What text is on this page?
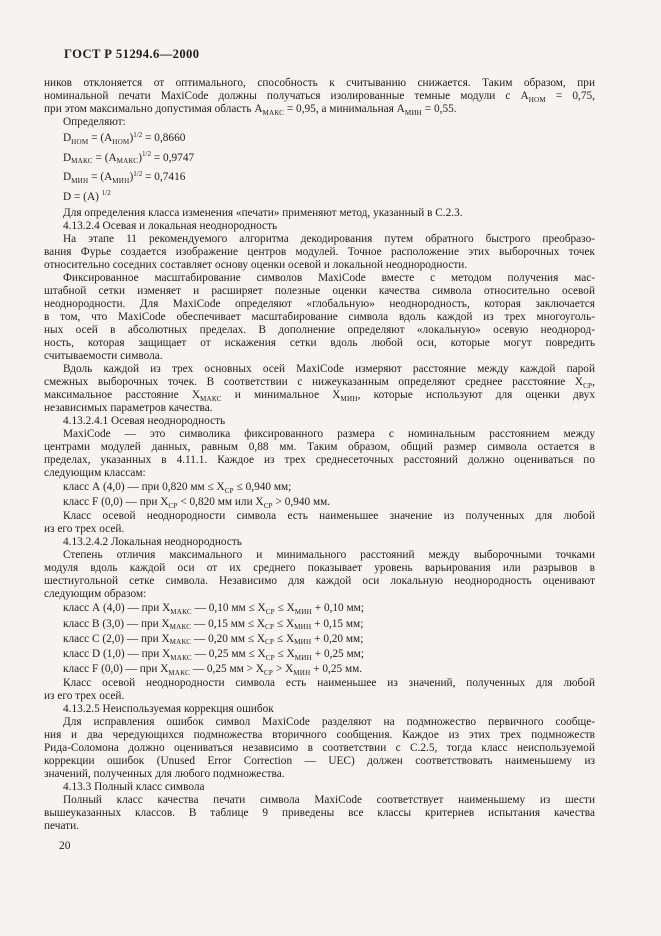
ГОСТ Р 51294.6—2000
ников отклоняется от оптимального, способность к считыванию снижается. Таким образом, при
номинальной печати MaxiCode должны получаться изолированные темные модули с $A_{НОМ} = 0,75$,
при этом максимально допустимая область $A_{МАКС} = 0,95$, а минимальная $A_{МИН} = 0,55$.
Определяют:
$D_{НОМ} = (A_{НОМ})^{1/2} = 0,8660$
$D_{МАКС} = (A_{МАКС})^{1/2} = 0,9747$
$D_{МИН} = (A_{МИН})^{1/2} = 0,7416$
D = (A) $^{1/2}$
Для определения класса изменения «печати» применяют метод, указанный в С.2.3.
4.13.2.4 Осевая и локальная неоднородность
На этапе 11 рекомендуемого алгоритма декодирования путем обратного быстрого преобразо-
вания Фурье создается изображение центров модулей. Точное расположение этих выборочных точек
относительно соседних составляет основу оценки осевой и локальной неоднородности.
Фиксированное масштабирование символов MaxiCode вместе с методом получения мас-
штабной сетки изменяет и расширяет полезные оценки качества символа относительно осевой
неоднородности. Для MaxiCode определяют «глобальную» неоднородность, которая заключается
в том, что MaxiCode обеспечивает масштабирование символа вдоль каждой из трех многоуголь-
ных осей в абсолютных пределах. В дополнение определяют «локальную» осевую неоднород-
ность, которая защищает от искажения сетки вдоль любой оси, которые могут повредить
считываемости символа.
Вдоль каждой из трех основных осей MaxiCode измеряют расстояние между каждой парой
смежных выборочных точек. В соответствии с нижеуказанным определяют среднее расстояние $X_{СР}$,
максимальное расстояние $X_{МАКС}$ и минимальное $X_{МИН}$, которые используют для оценки двух
независимых параметров качества.
4.13.2.4.1 Осевая неоднородность
MaxiCode — это символика фиксированного размера с номинальным расстоянием между
центрами модулей данных, равным 0,88 мм. Таким образом, общий размер символа остается в
пределах, указанных в 4.11.1. Каждое из трех среднесеточных расстояний должно оцениваться по
следующим классам:
класс А (4,0) — при 0,820 мм ≤ $X_{СР} \le 0,940$ мм;
класс F (0,0) — при $X_{СР} < 0,820$ мм или $X_{СР} > 0,940$ мм.
Класс осевой неоднородности символа есть наименьшее значение из полученных для любой
из его трех осей.
4.13.2.4.2 Локальная неоднородность
Степень отличия максимального и минимального расстояний между выборочными точками
модуля вдоль каждой оси от их среднего показывает уровень варьирования или разрывов в
шестиугольной сетке символа. Независимо для каждой оси локальную неоднородность оценивают
следующим образом:
класс А (4,0) — при $X_{МАКС}$ — 0,10 мм ≤ $X_{СР} \le X_{МИН} + 0,10$ мм;
класс B (3,0) — при $X_{МАКС}$ — 0,15 мм ≤ $X_{СР} \le X_{МИН} + 0,15$ мм;
класс C (2,0) — при $X_{МАКС}$ — 0,20 мм ≤ $X_{СР} \le X_{МИН} + 0,20$ мм;
класс D (1,0) — при $X_{МАКС}$ — 0,25 мм ≤ $X_{СР} \le X_{МИН} + 0,25$ мм;
класс F (0,0) — при $X_{МАКС}$ — 0,25 мм > $X_{СР} > X_{МИН} + 0,25$ мм.
Класс осевой неоднородности символа есть наименьшее из значений, полученных для любой
из его трех осей.
4.13.2.5 Неиспользуемая коррекция ошибок
Для исправления ошибок символ MaxiCode разделяют на подмножество первичного сообще-
ния и два чередующихся подмножества вторичного сообщения. Каждое из этих трех подмножеств
Рида-Соломона должно оцениваться независимо в соответствии с С.2.5, тогда класс неиспользуемой
коррекции ошибок (Unused Error Correction — UEC) должен соответствовать наименьшему из
значений, полученных для любого подмножества.
4.13.3 Полный класс символа
Полный класс качества печати символа MaxiCode соответствует наименьшему из шести
вышеуказанных классов. В таблице 9 приведены все классы критериев испытания качества
печати.
20
